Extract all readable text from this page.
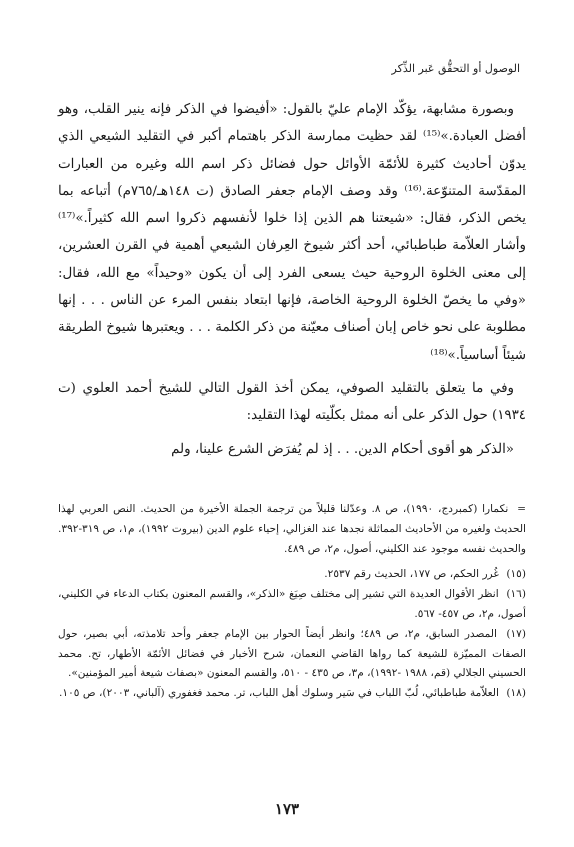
الوصول أو التحقُّق عَبر الذِّكر

وبصورة مشابهة، يؤكّد الإمام عليّ بالقول: «أفيضوا في الذكر فإنه ينير القلب، وهو أفضل العبادة.»⁽¹⁵⁾ لقد حظيت ممارسة الذكر باهتمام أكبر في التقليد الشيعي الذي يدوّن أحاديث كثيرة للأئمّة الأوائل حول فضائل ذكر اسم الله وغيره من العبارات المقدّسة المتنوّعة.⁽¹⁶⁾ وقد وصف الإمام جعفر الصادق (ت ١٤٨هـ/٧٦٥م) أتباعه بما يخص الذكر، فقال: «شيعتنا هم الذين إذا خلوا لأنفسهم ذكروا اسم الله كثيراً.»⁽¹⁷⁾ وأشار العلاّمة طباطبائي، أحد أكثر شيوخ العِرفان الشيعي أهمية في القرن العشرين، إلى معنى الخلوة الروحية حيث يسعى الفرد إلى أن يكون «وحيداً» مع الله، فقال: «وفي ما يخصّ الخلوة الروحية الخاصة، فإنها ابتعاد بنفس المرء عن الناس . . . إنها مطلوبة على نحو خاص إبان أصناف معيّنة من ذكر الكلمة . . . ويعتبرها شيوخ الطريقة شيئاً أساسياً.»⁽¹⁸⁾

وفي ما يتعلق بالتقليد الصوفي، يمكن أخذ القول التالي للشيخ أحمد العلوي (ت ١٩٣٤) حول الذكر على أنه ممثل بكلّيته لهذا التقليد:

«الذكر هو أقوى أحكام الدين. . . إذ لم يُفرَض الشرع علينا، ولم

= نكمارا (كمبردج، ١٩٩٠)، ص ٨. وعدّلنا قليلاً من ترجمة الجملة الأخيرة من الحديث. النص العربي لهذا الحديث ولغيره من الأحاديث المماثلة نجدها عند الغزالي، إحياء علوم الدين (بيروت ١٩٩٢)، م١، ص ٣١٩-٣٩٢. والحديث نفسه موجود عند الكليني، أصول، م٢، ص ٤٨٩.

(١٥) غُرر الحكم، ص ١٧٧، الحديث رقم ٢٥٣٧.

(١٦) انظر الأقوال العديدة التي تشير إلى مختلف صِيَغ «الذكر»، والقسم المعنون بكتاب الدعاء في الكليني، أصول، م٢، ص ٤٥٧- ٥٦٧.

(١٧) المصدر السابق، م٢، ص ٤٨٩؛ وانظر أيضاً الحوار بين الإمام جعفر وأحد تلامذته، أبي بصير، حول الصفات المميّزة للشيعة كما رواها القاضي النعمان، شرح الأخبار في فضائل الأئمّة الأطهار، تح. محمد الحسيني الجلالي (قم، ١٩٨٨ -١٩٩٢)، م٣، ص ٤٣٥ - ٥١٠، والقسم المعنون «بصفات شيعة أمير المؤمنين».

(١٨) العلاّمة طباطبائي، لُبّ اللباب في سَير وسلوك أهل اللباب، تر. محمد فغفوري (آلباني، ٢٠٠٣)، ص ١٠٥.

١٧٣
